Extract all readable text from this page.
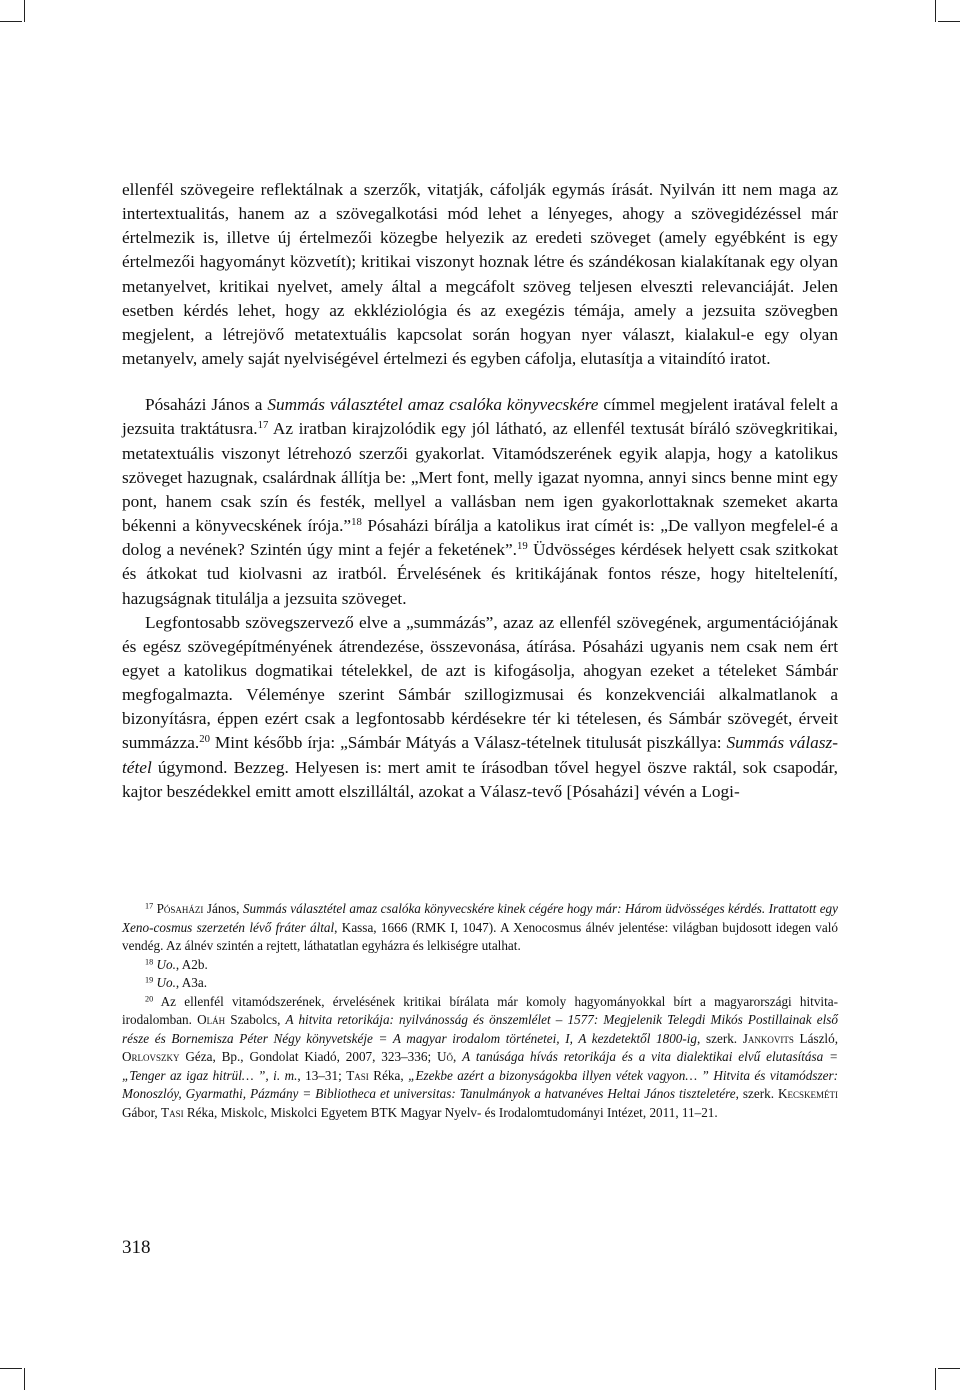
ellenfél szövegeire reflektálnak a szerzők, vitatják, cáfolják egymás írását. Nyilván itt nem maga az intertextualitás, hanem az a szövegalkotási mód lehet a lényeges, ahogy a szövegidézéssel már értelmezik is, illetve új értelmezői közegbe helyezik az eredeti szöveget (amely egyébként is egy értelmezői hagyományt közvetít); kritikai viszonyt hoznak létre és szándékosan kialakítanak egy olyan metanyelvet, kritikai nyelvet, amely által a megcáfolt szöveg teljesen elveszti relevanciáját. Jelen esetben kérdés lehet, hogy az ekkléziológia és az exegézis témája, amely a jezsuita szövegben megjelent, a létrejövő metatextuális kapcsolat során hogyan nyer választ, kialakul-e egy olyan metanyelv, amely saját nyelviségével értelmezi és egyben cáfolja, elutasítja a vitaindító iratot.

Pósaházi János a Summás választétel amaz csalóka könyvecskére címmel megjelent iratával felelt a jezsuita traktátusra.$^{17}$ Az iratban kirajzolódik egy jól látható, az ellenfél textusát bíráló szövegkritikai, metatextuális viszonyt létrehozó szerzői gyakorlat. Vitamódszerének egyik alapja, hogy a katolikus szöveget hazugnak, csalárdnak állítja be: „Mert font, melly igazat nyomna, annyi sincs benne mint egy pont, hanem csak szín és festék, mellyel a vallásban nem igen gyakorlottaknak szemeket akarta békenni a könyvecskének írója.”$^{18}$ Pósaházi bírálja a katolikus irat címét is: „De vallyon megfelel-é a dolog a nevének? Szintén úgy mint a fejér a feketének”.$^{19}$ Üdvösséges kérdések helyett csak szitkokat és átkokat tud kiolvasni az iratból. Érvelésének és kritikájának fontos része, hogy hiteltelenítí, hazugságnak titulálja a jezsuita szöveget.

Legfontosabb szövegszervező elve a „summázás”, azaz az ellenfél szövegének, argumentációjának és egész szövegépítményének átrendezése, összevonása, átírása. Pósaházi ugyanis nem csak nem ért egyet a katolikus dogmatikai tételekkel, de azt is kifogásolja, ahogyan ezeket a tételeket Sámbár megfogalmazta. Véleménye szerint Sámbár szillogizmusai és konzekvenciái alkalmatlanok a bizonyításra, éppen ezért csak a legfontosabb kérdésekre tér ki tételesen, és Sámbár szövegét, érveit summázza.$^{20}$ Mint később írja: „Sámbár Mátyás a Válasz-tételnek titulusát piszkállya: Summás válasz-tétel úgymond. Bezzeg. Helyesen is: mert amit te írásodban tővel hegyel öszve raktál, sok csapodár, kajtor beszédekkel emitt amott elszilláltál, azokat a Válasz-tevő [Pósaházi] vévén a Logi-

$^{17}$ Pósaházi János, Summás választétel amaz csalóka könyvecskére kinek cégére hogy már: Három üdvösséges kérdés. Irattatott egy Xeno-cosmus szerzetén lévő fráter által, Kassa, 1666 (RMK I, 1047). A Xenocosmus álnév jelentése: világban bujdosott idegen való vendég. Az álnév szintén a rejtett, láthatatlan egyházra és lelkiségre utalhat.

$^{18}$ Uo., A2b.

$^{19}$ Uo., A3a.

$^{20}$ Az ellenfél vitamódszerének, érvelésének kritikai bírálata már komoly hagyományokkal bírt a magyarországi hitvita-irodalomban. Oláh Szabolcs, A hitvita retorikája: nyilvánosság és önszemlélet – 1577: Megjelenik Telegdi Mikós Postillainak első része és Bornemisza Péter Négy könyvetskéje = A magyar irodalom történetei, I, A kezdetektől 1800-ig, szerk. Jankovits László, Orlovszky Géza, Bp., Gondolat Kiadó, 2007, 323–336; Uő, A tanúsága hívás retorikája és a vita dialektikai elvű elutasítása = „Tenger az igaz hitrül… ”, i. m., 13–31; Tasi Réka, „Ezekbe azért a bizonyságokba illyen vétek vagyon… ” Hitvita és vitamódszer: Monoszlóy, Gyarmathi, Pázmány = Bibliotheca et universitas: Tanulmányok a hatvanéves Heltai János tiszteletére, szerk. Kecskeméti Gábor, Tasi Réka, Miskolc, Miskolci Egyetem BTK Magyar Nyelv- és Irodalomtudományi Intézet, 2011, 11–21.

318
